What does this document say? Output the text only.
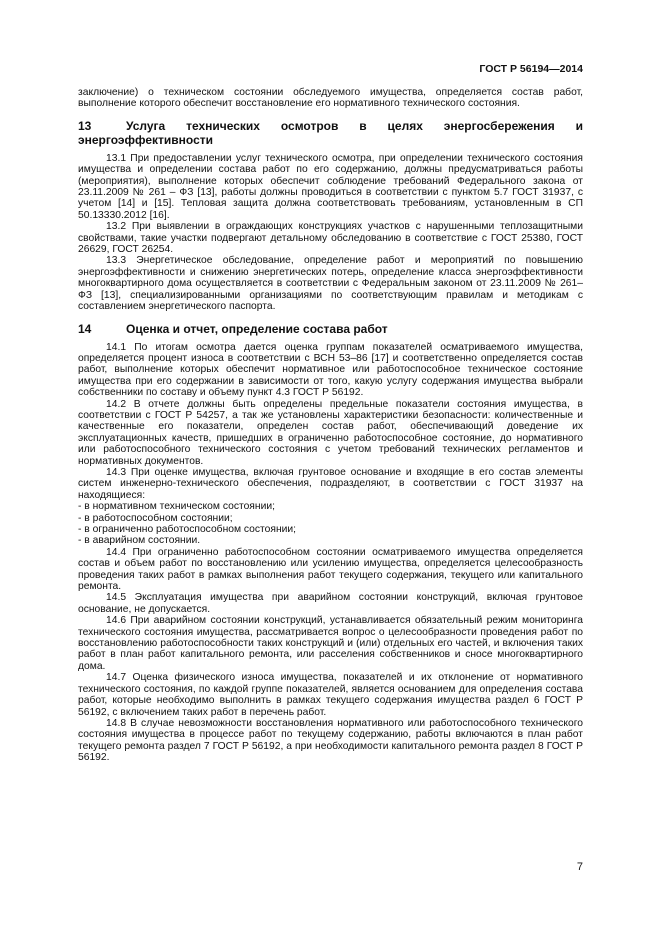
ГОСТ Р 56194—2014

заключение) о техническом состоянии обследуемого имущества, определяется состав работ, выполнение которого обеспечит восстановление его нормативного технического состояния.

13	Услуга технических осмотров в целях энергосбережения и энергоэффективности

13.1 При предоставлении услуг технического осмотра, при определении технического состояния имущества и определении состава работ по его содержанию, должны предусматриваться работы (мероприятия), выполнение которых обеспечит соблюдение требований Федерального закона от 23.11.2009 № 261 – ФЗ [13], работы должны проводиться в соответствии с пунктом 5.7 ГОСТ 31937, с учетом [14] и [15]. Тепловая защита должна соответствовать требованиям, установленным в СП 50.13330.2012 [16].

13.2 При выявлении в ограждающих конструкциях участков с нарушенными теплозащитными свойствами, такие участки подвергают детальному обследованию в соответствие с ГОСТ 25380, ГОСТ 26629, ГОСТ 26254.

13.3 Энергетическое обследование, определение работ и мероприятий по повышению энергоэффективности и снижению энергетических потерь, определение класса энергоэффективности многоквартирного дома осуществляется в соответствии с Федеральным законом от 23.11.2009 № 261– ФЗ [13], специализированными организациями по соответствующим правилам и методикам с составлением энергетического паспорта.

14	Оценка и отчет, определение состава работ

14.1 По итогам осмотра дается оценка группам показателей осматриваемого имущества, определяется процент износа в соответствии с ВСН 53–86 [17] и соответственно определяется состав работ, выполнение которых обеспечит нормативное или работоспособное техническое состояние имущества при его содержании в зависимости от того, какую услугу содержания имущества выбрали собственники по составу и объему пункт 4.3 ГОСТ Р 56192.

14.2 В отчете должны быть определены предельные показатели состояния имущества, в соответствии с ГОСТ Р 54257, а так же установлены характеристики безопасности: количественные и качественные его показатели, определен состав работ, обеспечивающий доведение их эксплуатационных качеств, пришедших в ограниченно работоспособное состояние, до нормативного или работоспособного технического состояния с учетом требований технических регламентов и нормативных документов.

14.3 При оценке имущества, включая грунтовое основание и входящие в его состав элементы систем инженерно-технического обеспечения, подразделяют, в соответствии с ГОСТ 31937 на находящиеся:

- в нормативном техническом состоянии;
- в работоспособном состоянии;
- в ограниченно работоспособном состоянии;
- в аварийном состоянии.

14.4 При ограниченно работоспособном состоянии осматриваемого имущества определяется состав и объем работ по восстановлению или усилению имущества, определяется целесообразность проведения таких работ в рамках выполнения работ текущего содержания, текущего или капитального ремонта.

14.5 Эксплуатация имущества при аварийном состоянии конструкций, включая грунтовое основание, не допускается.

14.6 При аварийном состоянии конструкций, устанавливается обязательный режим мониторинга технического состояния имущества, рассматривается вопрос о целесообразности проведения работ по восстановлению работоспособности таких конструкций и (или) отдельных его частей, и включения таких работ в план работ капитального ремонта, или расселения собственников и сносе многоквартирного дома.

14.7 Оценка физического износа имущества, показателей и их отклонение от нормативного технического состояния, по каждой группе показателей, является основанием для определения состава работ, которые необходимо выполнить в рамках текущего содержания имущества раздел 6 ГОСТ Р 56192, с включением таких работ в перечень работ.

14.8 В случае невозможности восстановления нормативного или работоспособного технического состояния имущества в процессе работ по текущему содержанию, работы включаются в план работ текущего ремонта раздел 7 ГОСТ Р 56192, а при необходимости капитального ремонта раздел 8 ГОСТ Р 56192.

7
